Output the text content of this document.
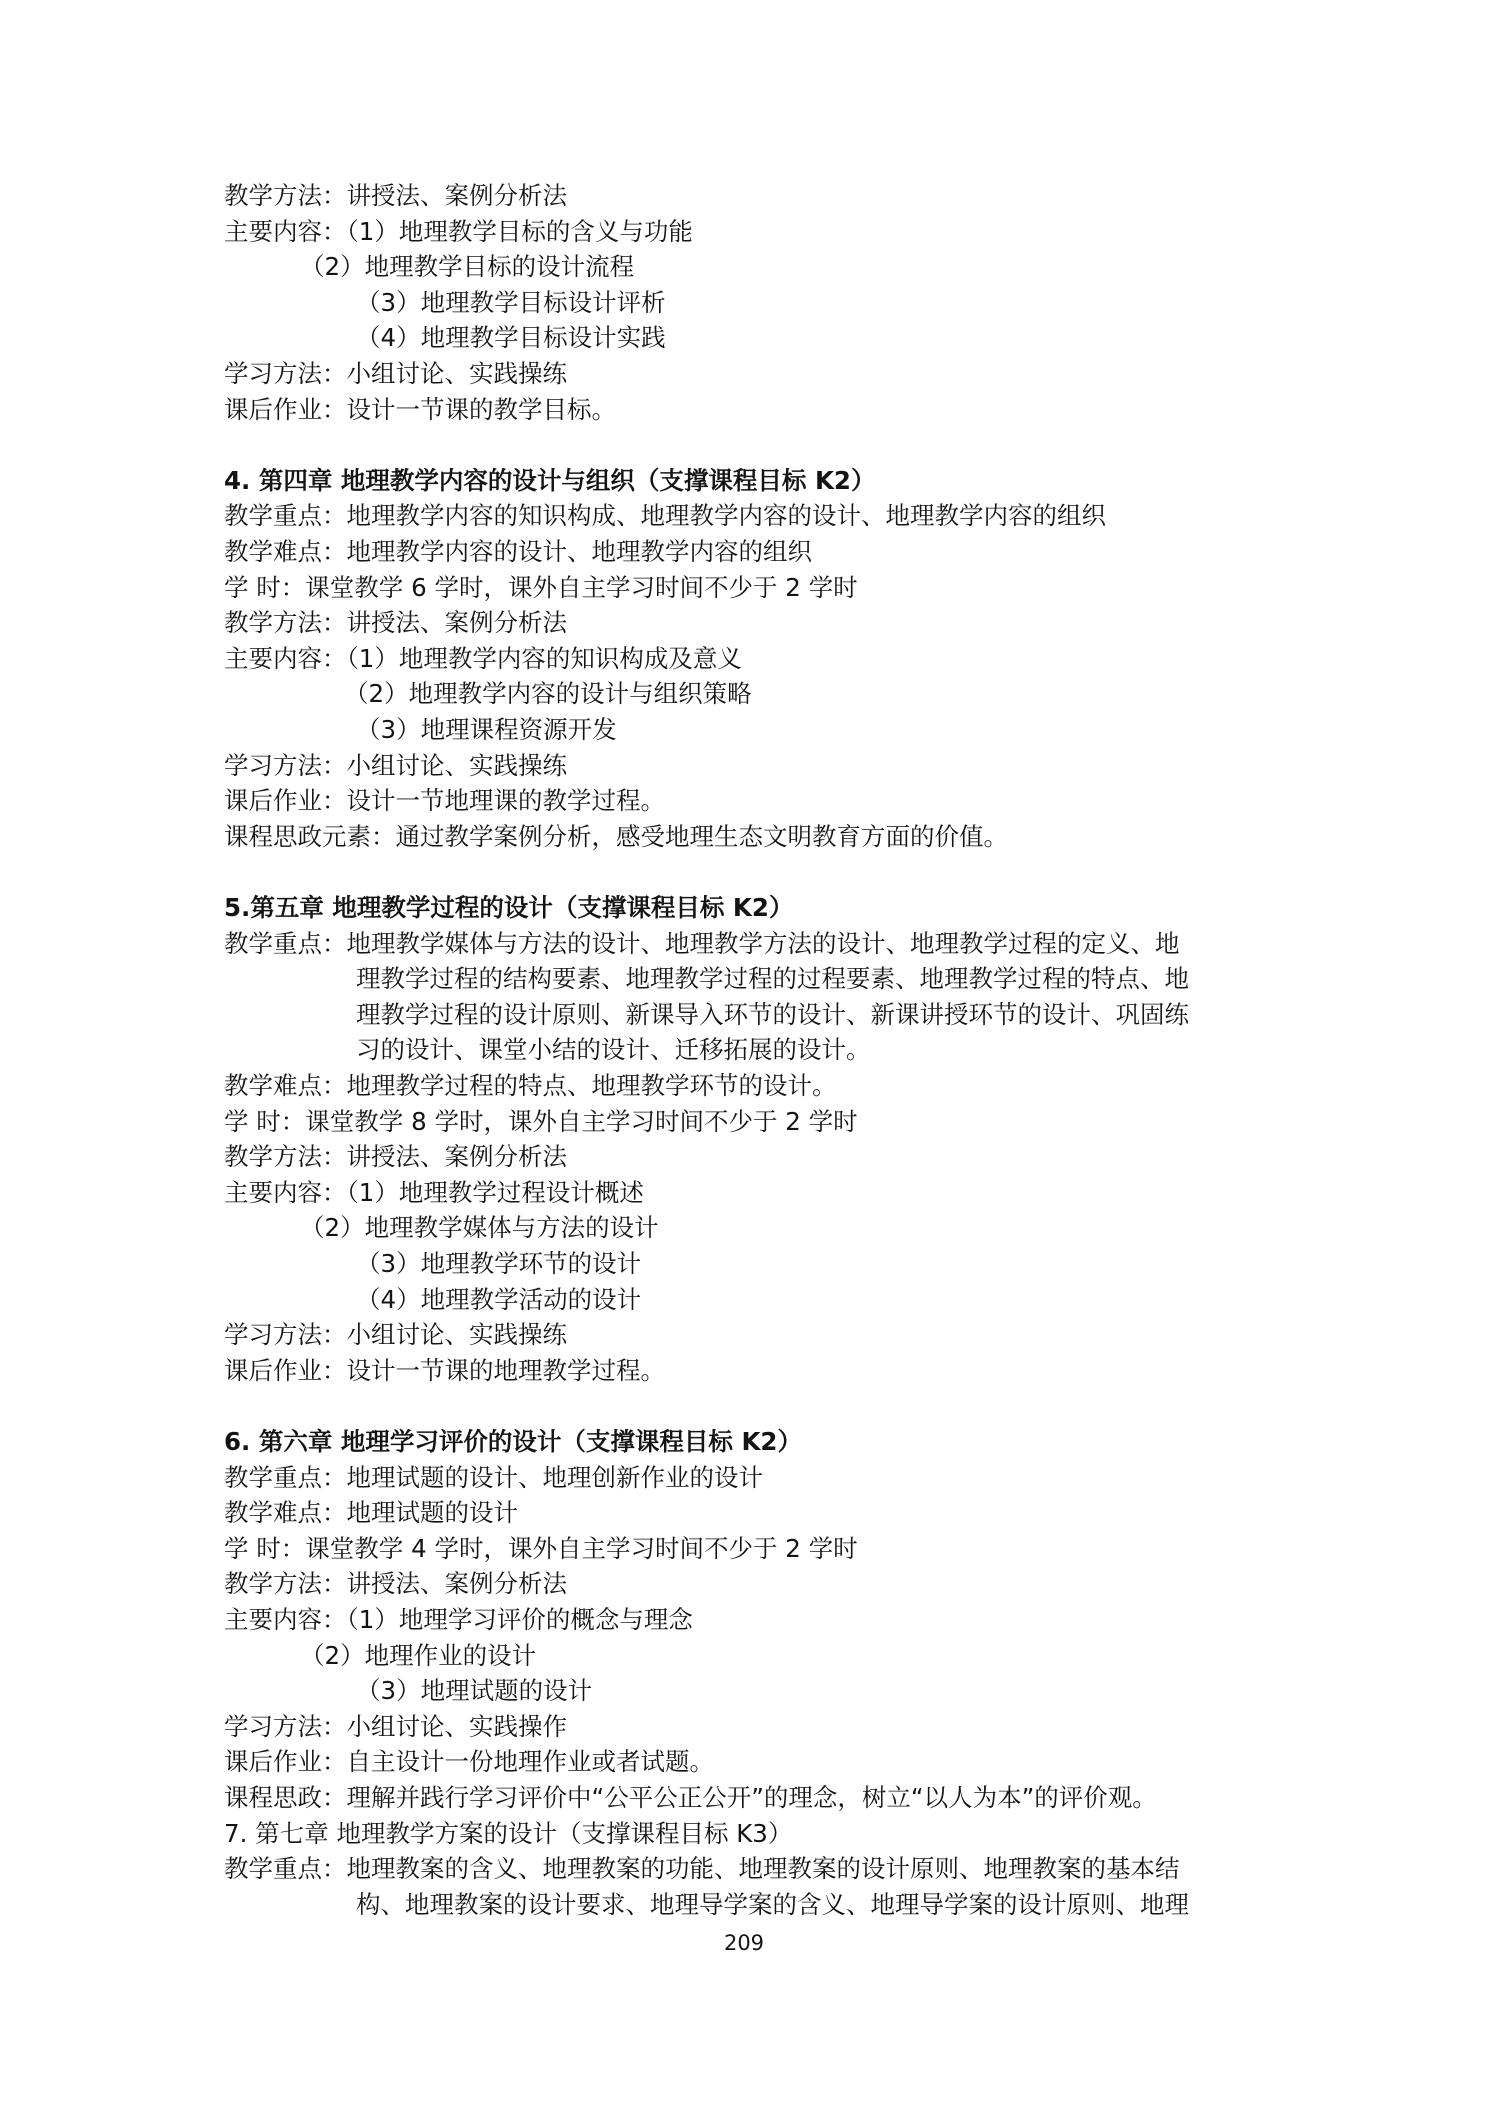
教学方法：讲授法、案例分析法
主要内容：（1）地理教学目标的含义与功能
（2）地理教学目标的设计流程
（3）地理教学目标设计评析
（4）地理教学目标设计实践
学习方法：小组讨论、实践操练
课后作业：设计一节课的教学目标。
4. 第四章 地理教学内容的设计与组织（支撑课程目标 K2）
教学重点：地理教学内容的知识构成、地理教学内容的设计、地理教学内容的组织
教学难点：地理教学内容的设计、地理教学内容的组织
学 时：课堂教学 6 学时，课外自主学习时间不少于 2 学时
教学方法：讲授法、案例分析法
主要内容：（1）地理教学内容的知识构成及意义
（2）地理教学内容的设计与组织策略
（3）地理课程资源开发
学习方法：小组讨论、实践操练
课后作业：设计一节地理课的教学过程。
课程思政元素：通过教学案例分析，感受地理生态文明教育方面的价值。
5.第五章 地理教学过程的设计（支撑课程目标 K2）
教学重点：地理教学媒体与方法的设计、地理教学方法的设计、地理教学过程的定义、地
理教学过程的结构要素、地理教学过程的过程要素、地理教学过程的特点、地
理教学过程的设计原则、新课导入环节的设计、新课讲授环节的设计、巩固练
习的设计、课堂小结的设计、迁移拓展的设计。
教学难点：地理教学过程的特点、地理教学环节的设计。
学 时：课堂教学 8 学时，课外自主学习时间不少于 2 学时
教学方法：讲授法、案例分析法
主要内容：（1）地理教学过程设计概述
（2）地理教学媒体与方法的设计
（3）地理教学环节的设计
（4）地理教学活动的设计
学习方法：小组讨论、实践操练
课后作业：设计一节课的地理教学过程。
6. 第六章 地理学习评价的设计（支撑课程目标 K2）
教学重点：地理试题的设计、地理创新作业的设计
教学难点：地理试题的设计
学 时：课堂教学 4 学时，课外自主学习时间不少于 2 学时
教学方法：讲授法、案例分析法
主要内容：（1）地理学习评价的概念与理念
（2）地理作业的设计
（3）地理试题的设计
学习方法：小组讨论、实践操作
课后作业：自主设计一份地理作业或者试题。
课程思政：理解并践行学习评价中“公平公正公开”的理念，树立“以人为本”的评价观。
7. 第七章 地理教学方案的设计（支撑课程目标 K3）
教学重点：地理教案的含义、地理教案的功能、地理教案的设计原则、地理教案的基本结
构、地理教案的设计要求、地理导学案的含义、地理导学案的设计原则、地理
209
